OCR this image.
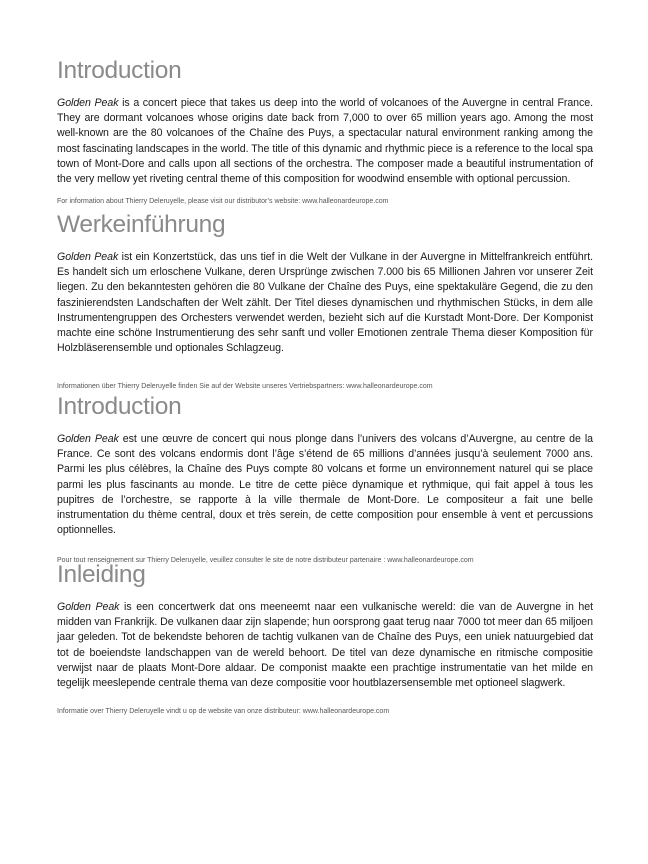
Introduction

Golden Peak is a concert piece that takes us deep into the world of volcanoes of the Auvergne in central France. They are dormant volcanoes whose origins date back from 7,000 to over 65 million years ago. Among the most well-known are the 80 volcanoes of the Chaîne des Puys, a spectacular natural environment ranking among the most fascinating landscapes in the world. The title of this dynamic and rhythmic piece is a reference to the local spa town of Mont-Dore and calls upon all sections of the orchestra. The composer made a beautiful instrumentation of the very mellow yet riveting central theme of this composition for woodwind ensemble with optional percussion.

For information about Thierry Deleruyelle, please visit our distributor’s website: www.halleonardeurope.com

Werkeinführung

Golden Peak ist ein Konzertstück, das uns tief in die Welt der Vulkane in der Auvergne in Mittelfrankreich entführt. Es handelt sich um erloschene Vulkane, deren Ursprünge zwischen 7.000 bis 65 Millionen Jahren vor unserer Zeit liegen. Zu den bekanntesten gehören die 80 Vulkane der Chaîne des Puys, eine spektakuläre Gegend, die zu den faszinierendsten Landschaften der Welt zählt. Der Titel dieses dynamischen und rhythmischen Stücks, in dem alle Instrumentengruppen des Orchesters verwendet werden, bezieht sich auf die Kurstadt Mont-Dore. Der Komponist machte eine schöne Instrumentierung des sehr sanft und voller Emotionen zentrale Thema dieser Komposition für Holzbläserensemble und optionales Schlagzeug.

Informationen über Thierry Deleruyelle finden Sie auf der Website unseres Vertriebspartners: www.halleonardeurope.com

Introduction

Golden Peak est une œuvre de concert qui nous plonge dans l’univers des volcans d’Auvergne, au centre de la France. Ce sont des volcans endormis dont l’âge s’étend de 65 millions d’années jusqu’à seulement 7000 ans. Parmi les plus célèbres, la Chaîne des Puys compte 80 volcans et forme un environnement naturel qui se place parmi les plus fascinants au monde. Le titre de cette pièce dynamique et rythmique, qui fait appel à tous les pupitres de l’orchestre, se rapporte à la ville thermale de Mont-Dore. Le compositeur a fait une belle instrumentation du thème central, doux et très serein, de cette composition pour ensemble à vent et percussions optionnelles.

Pour tout renseignement sur Thierry Deleruyelle, veuillez consulter le site de notre distributeur partenaire : www.halleonardeurope.com

Inleiding

Golden Peak is een concertwerk dat ons meeneemt naar een vulkanische wereld: die van de Auvergne in het midden van Frankrijk. De vulkanen daar zijn slapende; hun oorsprong gaat terug naar 7000 tot meer dan 65 miljoen jaar geleden. Tot de bekendste behoren de tachtig vulkanen van de Chaîne des Puys, een uniek natuurgebied dat tot de boeiendste landschappen van de wereld behoort. De titel van deze dynamische en ritmische compositie verwijst naar de plaats Mont-Dore aldaar. De componist maakte een prachtige instrumentatie van het milde en tegelijk meeslepende centrale thema van deze compositie voor houtblazersensemble met optioneel slagwerk.

Informatie over Thierry Deleruyelle vindt u op de website van onze distributeur: www.halleonardeurope.com
